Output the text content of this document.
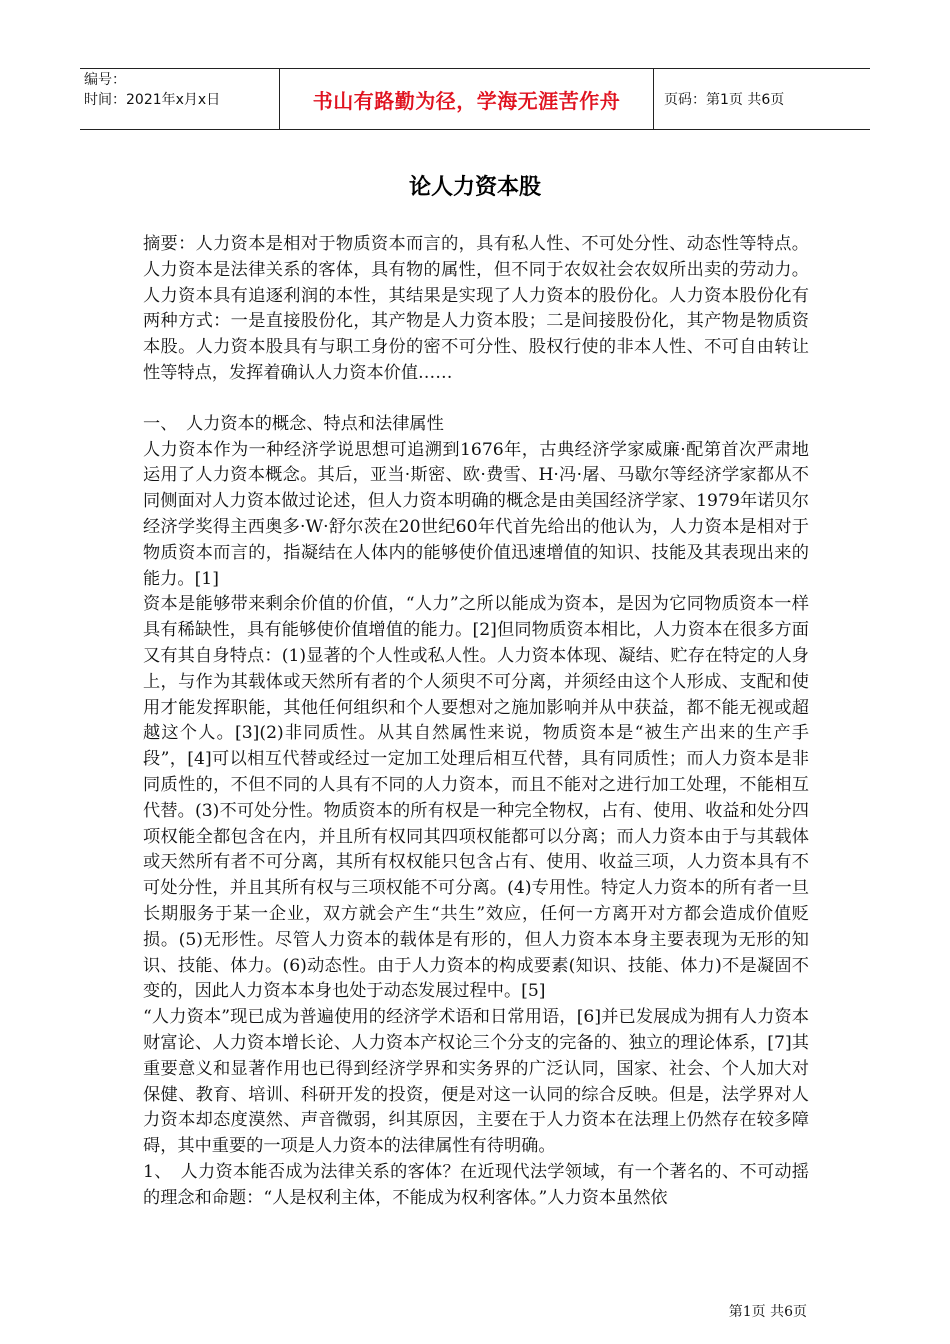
编号：
时间：2021年x月x日	书山有路勤为径，学海无涯苦作舟	页码：第1页 共6页
论人力资本股

摘要：人力资本是相对于物质资本而言的，具有私人性、不可处分性、动态性等特点。人力资本是法律关系的客体，具有物的属性，但不同于农奴社会农奴所出卖的劳动力。人力资本具有追逐利润的本性，其结果是实现了人力资本的股份化。人力资本股份化有两种方式：一是直接股份化，其产物是人力资本股；二是间接股份化，其产物是物质资本股。人力资本股具有与职工身份的密不可分性、股权行使的非本人性、不可自由转让性等特点，发挥着确认人力资本价值……

一、　人力资本的概念、特点和法律属性

人力资本作为一种经济学说思想可追溯到1676年，古典经济学家威廉·配第首次严肃地运用了人力资本概念。其后，亚当·斯密、欧·费雪、H·冯·屠、马歇尔等经济学家都从不同侧面对人力资本做过论述，但人力资本明确的概念是由美国经济学家、1979年诺贝尔经济学奖得主西奥多·W·舒尔茨在20世纪60年代首先给出的他认为，人力资本是相对于物质资本而言的，指凝结在人体内的能够使价值迅速增值的知识、技能及其表现出来的能力。[1]

资本是能够带来剩余价值的价值，“人力”之所以能成为资本，是因为它同物质资本一样具有稀缺性，具有能够使价值增值的能力。[2]但同物质资本相比，人力资本在很多方面又有其自身特点：(1)显著的个人性或私人性。人力资本体现、凝结、贮存在特定的人身上，与作为其载体或天然所有者的个人须臾不可分离，并须经由这个人形成、支配和使用才能发挥职能，其他任何组织和个人要想对之施加影响并从中获益，都不能无视或超越这个人。[3](2)非同质性。从其自然属性来说，物质资本是“被生产出来的生产手段”，[4]可以相互代替或经过一定加工处理后相互代替，具有同质性；而人力资本是非同质性的，不但不同的人具有不同的人力资本，而且不能对之进行加工处理，不能相互代替。(3)不可处分性。物质资本的所有权是一种完全物权，占有、使用、收益和处分四项权能全都包含在内，并且所有权同其四项权能都可以分离；而人力资本由于与其载体或天然所有者不可分离，其所有权权能只包含占有、使用、收益三项，人力资本具有不可处分性，并且其所有权与三项权能不可分离。(4)专用性。特定人力资本的所有者一旦长期服务于某一企业，双方就会产生“共生”效应，任何一方离开对方都会造成价值贬损。(5)无形性。尽管人力资本的载体是有形的，但人力资本本身主要表现为无形的知识、技能、体力。(6)动态性。由于人力资本的构成要素(知识、技能、体力)不是凝固不变的，因此人力资本本身也处于动态发展过程中。[5]

“人力资本”现已成为普遍使用的经济学术语和日常用语，[6]并已发展成为拥有人力资本财富论、人力资本增长论、人力资本产权论三个分支的完备的、独立的理论体系，[7]其重要意义和显著作用也已得到经济学界和实务界的广泛认同，国家、社会、个人加大对保健、教育、培训、科研开发的投资，便是对这一认同的综合反映。但是，法学界对人力资本却态度漠然、声音微弱，纠其原因，主要在于人力资本在法理上仍然存在较多障碍，其中重要的一项是人力资本的法律属性有待明确。

1、　人力资本能否成为法律关系的客体？在近现代法学领域，有一个著名的、不可动摇的理念和命题：“人是权利主体，不能成为权利客体。”人力资本虽然依

第1页 共6页
